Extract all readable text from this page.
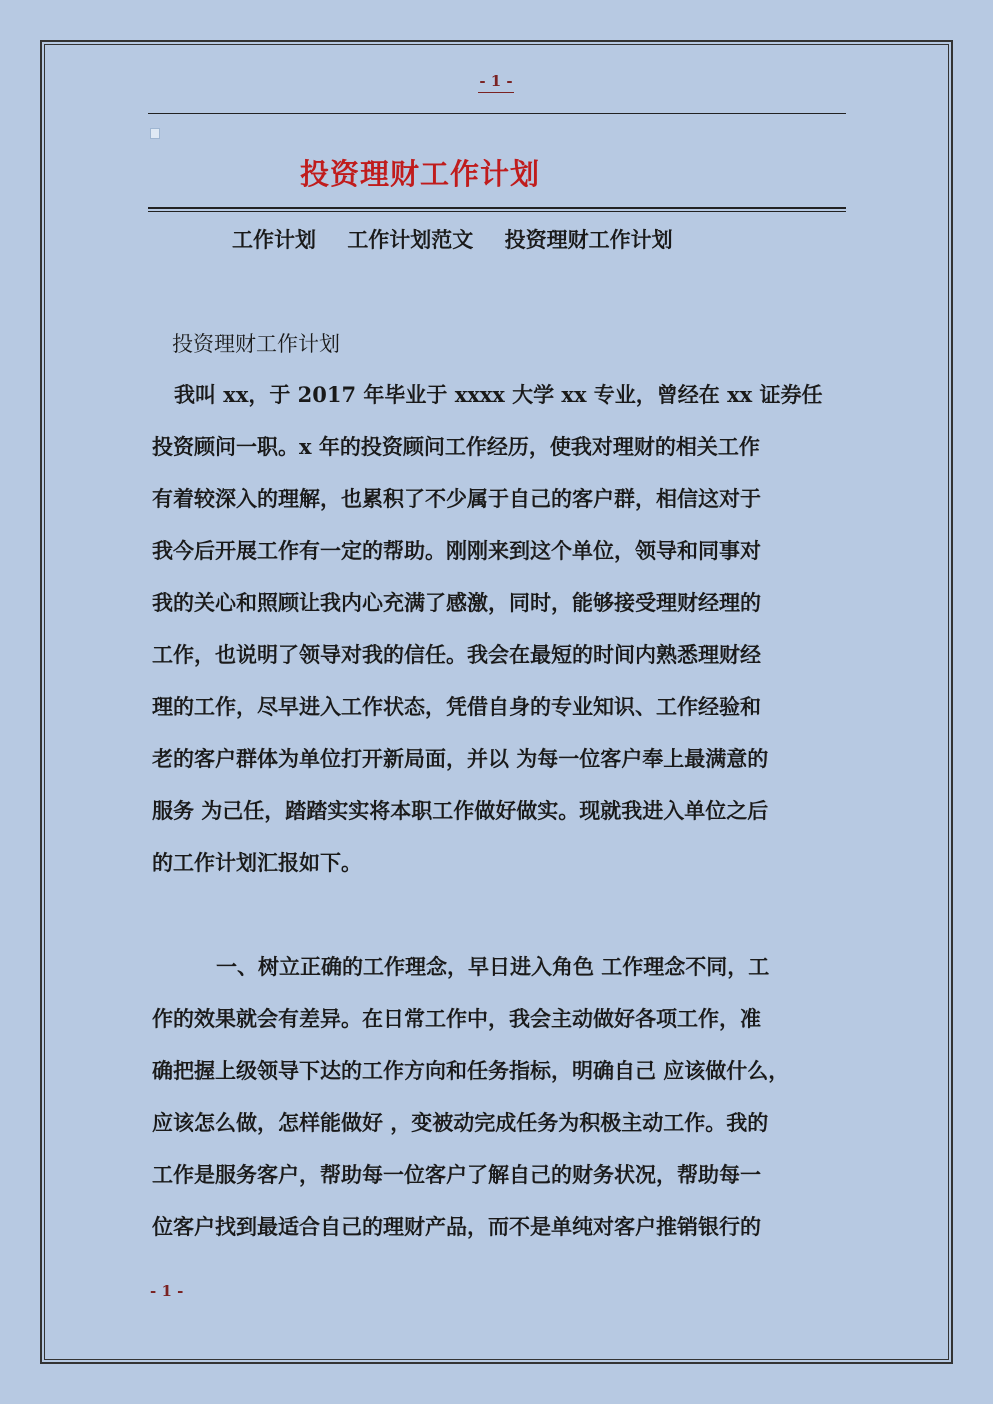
- 1 -
投资理财工作计划
工作计划 工作计划范文 投资理财工作计划
投资理财工作计划
我叫 xx，于 2017 年毕业于 xxxx 大学 xx 专业，曾经在 xx 证券任
投资顾问一职。x 年的投资顾问工作经历，使我对理财的相关工作
有着较深入的理解，也累积了不少属于自己的客户群，相信这对于
我今后开展工作有一定的帮助。刚刚来到这个单位，领导和同事对
我的关心和照顾让我内心充满了感激，同时，能够接受理财经理的
工作，也说明了领导对我的信任。我会在最短的时间内熟悉理财经
理的工作，尽早进入工作状态，凭借自身的专业知识、工作经验和
老的客户群体为单位打开新局面，并以 为每一位客户奉上最满意的
服务 为己任，踏踏实实将本职工作做好做实。现就我进入单位之后
的工作计划汇报如下。
一、树立正确的工作理念，早日进入角色 工作理念不同，工
作的效果就会有差异。在日常工作中，我会主动做好各项工作，准
确把握上级领导下达的工作方向和任务指标，明确自己 应该做什么，
应该怎么做，怎样能做好 ，变被动完成任务为积极主动工作。我的
工作是服务客户，帮助每一位客户了解自己的财务状况，帮助每一
位客户找到最适合自己的理财产品，而不是单纯对客户推销银行的
- 1 -
